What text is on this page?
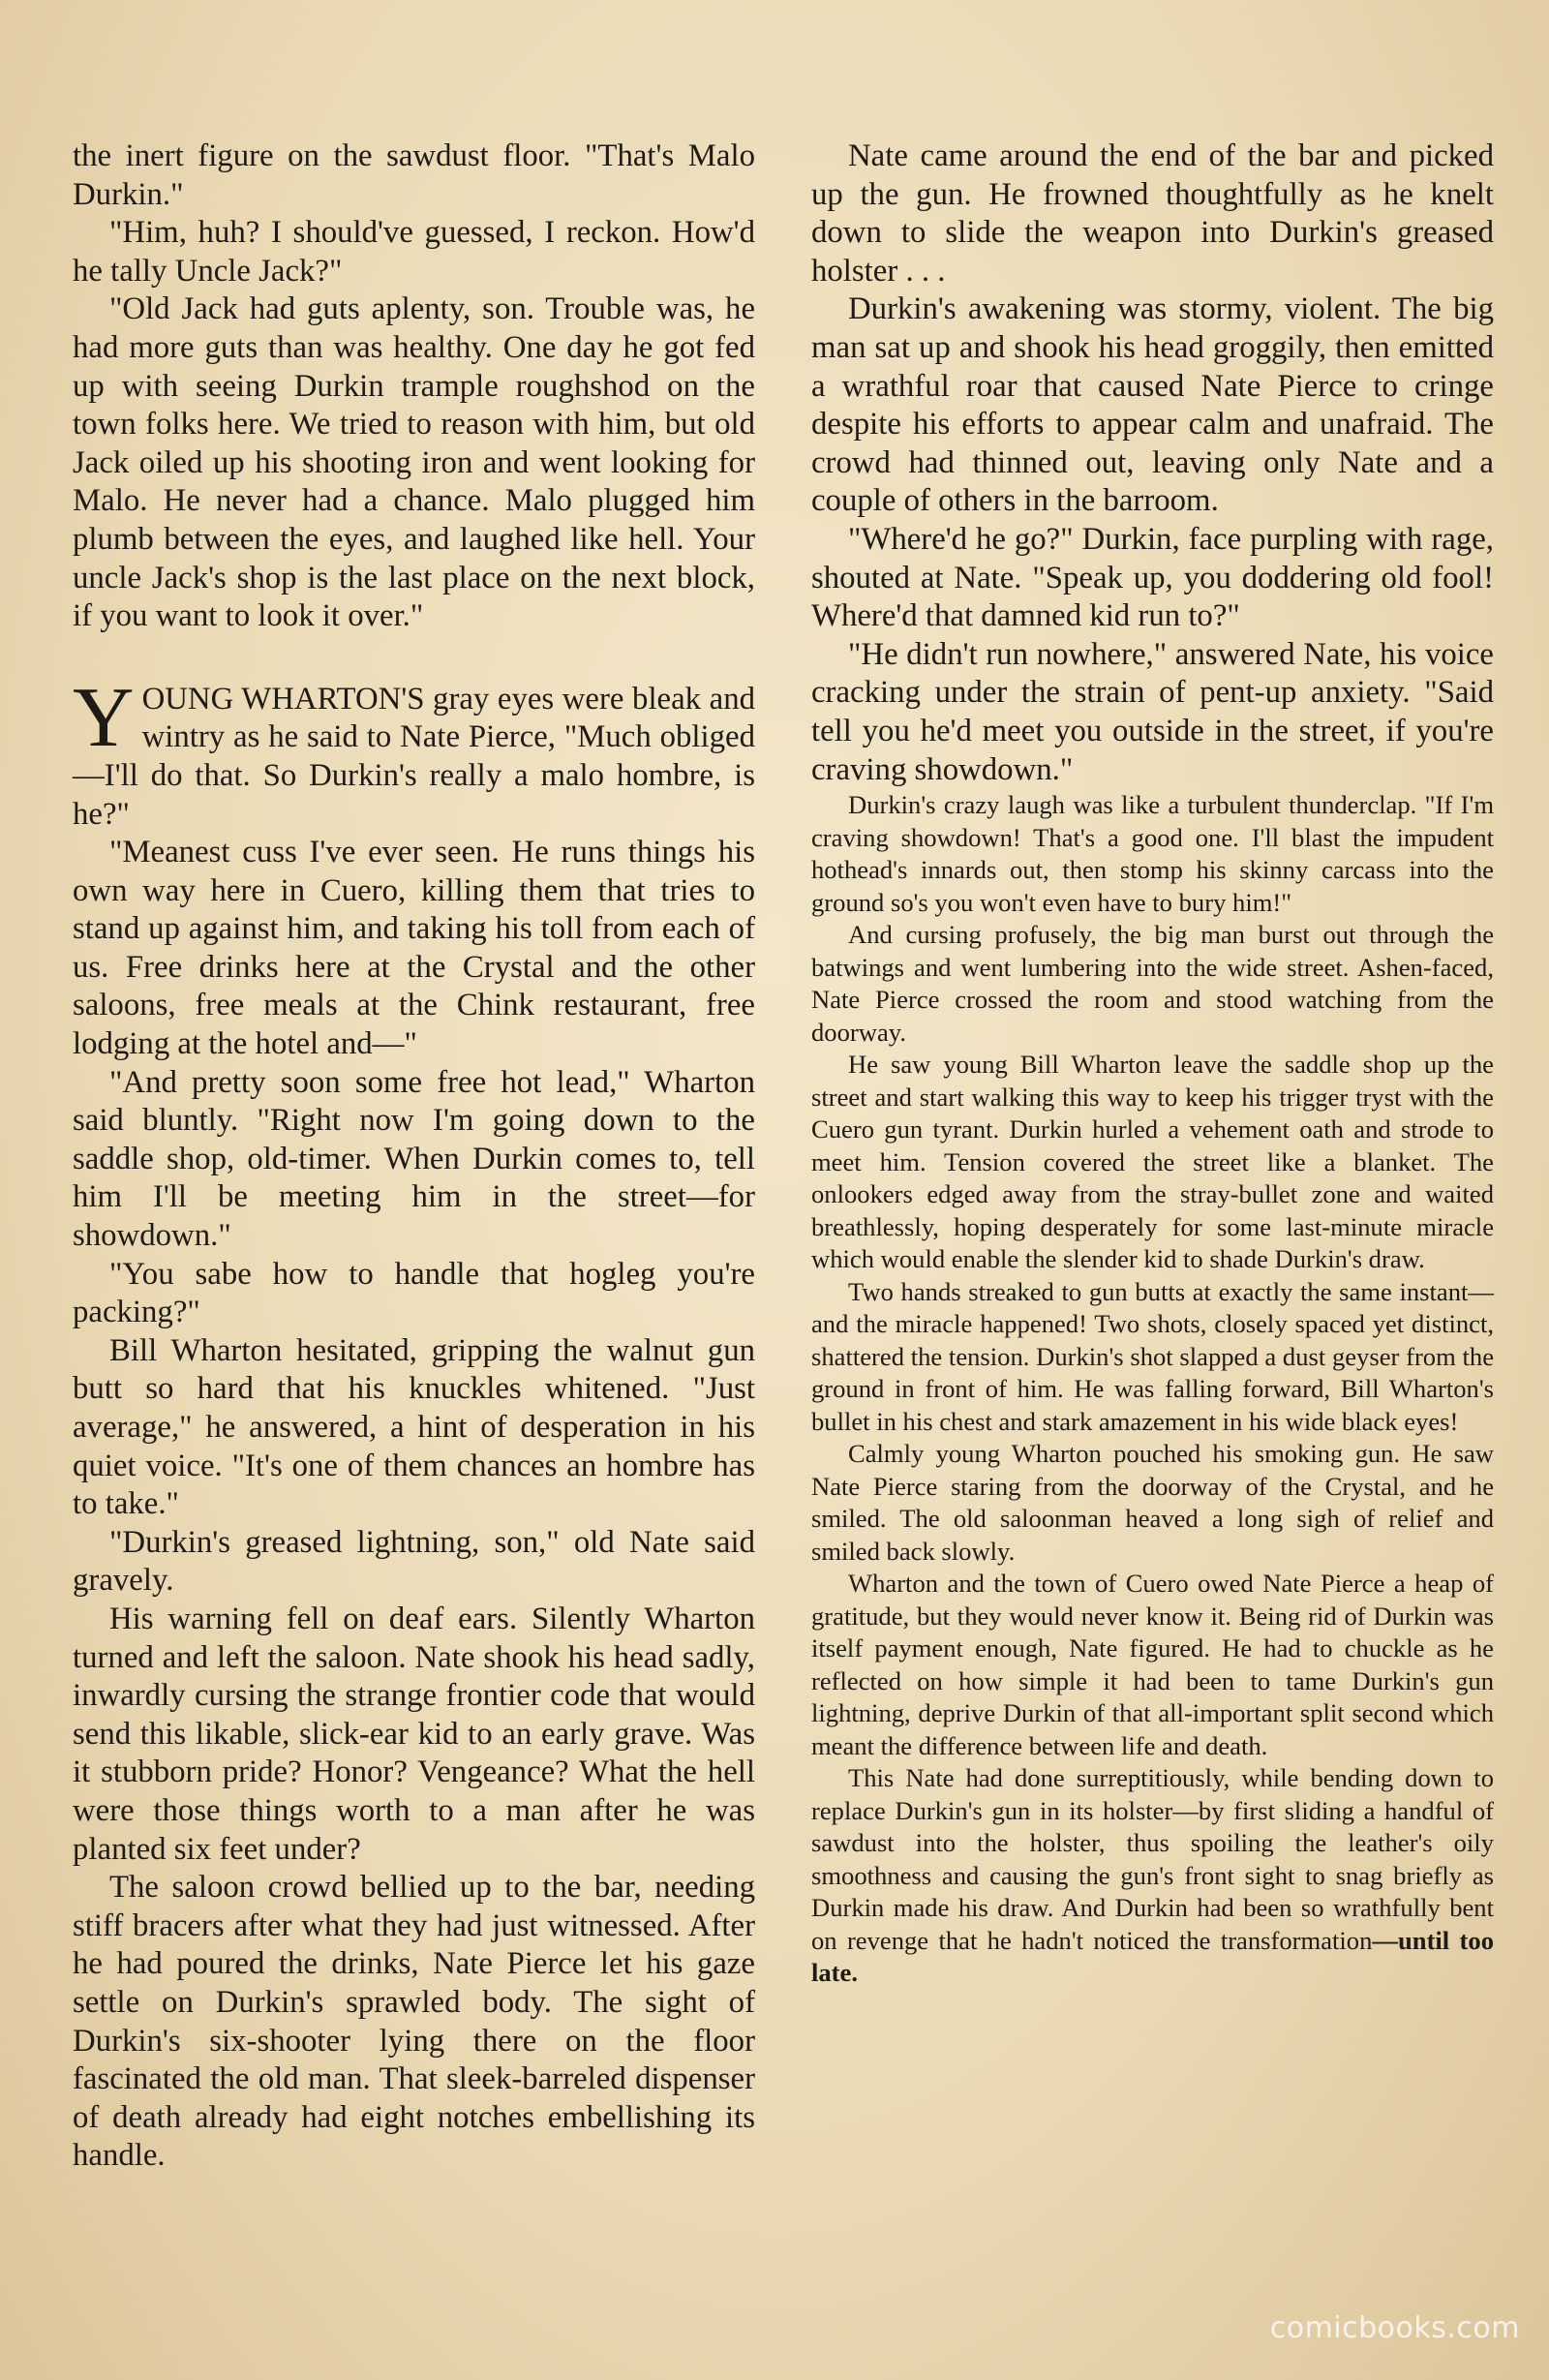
the inert figure on the sawdust floor. "That's Malo Durkin."

"Him, huh? I should've guessed, I reckon. How'd he tally Uncle Jack?"

"Old Jack had guts aplenty, son. Trouble was, he had more guts than was healthy. One day he got fed up with seeing Durkin trample roughshod on the town folks here. We tried to reason with him, but old Jack oiled up his shooting iron and went looking for Malo. He never had a chance. Malo plugged him plumb between the eyes, and laughed like hell. Your uncle Jack's shop is the last place on the next block, if you want to look it over."

YOUNG WHARTON'S gray eyes were bleak and wintry as he said to Nate Pierce, "Much obliged—I'll do that. So Durkin's really a malo hombre, is he?"

"Meanest cuss I've ever seen. He runs things his own way here in Cuero, killing them that tries to stand up against him, and taking his toll from each of us. Free drinks here at the Crystal and the other saloons, free meals at the Chink restaurant, free lodging at the hotel and—"

"And pretty soon some free hot lead," Wharton said bluntly. "Right now I'm going down to the saddle shop, old-timer. When Durkin comes to, tell him I'll be meeting him in the street—for showdown."

"You sabe how to handle that hogleg you're packing?"

Bill Wharton hesitated, gripping the walnut gun butt so hard that his knuckles whitened. "Just average," he answered, a hint of desperation in his quiet voice. "It's one of them chances an hombre has to take."

"Durkin's greased lightning, son," old Nate said gravely.

His warning fell on deaf ears. Silently Wharton turned and left the saloon. Nate shook his head sadly, inwardly cursing the strange frontier code that would send this likable, slick-ear kid to an early grave. Was it stubborn pride? Honor? Vengeance? What the hell were those things worth to a man after he was planted six feet under?

The saloon crowd bellied up to the bar, needing stiff bracers after what they had just witnessed. After he had poured the drinks, Nate Pierce let his gaze settle on Durkin's sprawled body. The sight of Durkin's six-shooter lying there on the floor fascinated the old man. That sleek-barreled dispenser of death already had eight notches embellishing its handle.

Nate came around the end of the bar and picked up the gun. He frowned thoughtfully as he knelt down to slide the weapon into Durkin's greased holster . . .

Durkin's awakening was stormy, violent. The big man sat up and shook his head groggily, then emitted a wrathful roar that caused Nate Pierce to cringe despite his efforts to appear calm and unafraid. The crowd had thinned out, leaving only Nate and a couple of others in the barroom.

"Where'd he go?" Durkin, face purpling with rage, shouted at Nate. "Speak up, you doddering old fool! Where'd that damned kid run to?"

"He didn't run nowhere," answered Nate, his voice cracking under the strain of pent-up anxiety. "Said tell you he'd meet you outside in the street, if you're craving showdown."

Durkin's crazy laugh was like a turbulent thunderclap. "If I'm craving showdown! That's a good one. I'll blast the impudent hothead's innards out, then stomp his skinny carcass into the ground so's you won't even have to bury him!"

And cursing profusely, the big man burst out through the batwings and went lumbering into the wide street. Ashen-faced, Nate Pierce crossed the room and stood watching from the doorway.

He saw young Bill Wharton leave the saddle shop up the street and start walking this way to keep his trigger tryst with the Cuero gun tyrant. Durkin hurled a vehement oath and strode to meet him. Tension covered the street like a blanket. The onlookers edged away from the stray-bullet zone and waited breathlessly, hoping desperately for some last-minute miracle which would enable the slender kid to shade Durkin's draw.

Two hands streaked to gun butts at exactly the same instant—and the miracle happened! Two shots, closely spaced yet distinct, shattered the tension. Durkin's shot slapped a dust geyser from the ground in front of him. He was falling forward, Bill Wharton's bullet in his chest and stark amazement in his wide black eyes!

Calmly young Wharton pouched his smoking gun. He saw Nate Pierce staring from the doorway of the Crystal, and he smiled. The old saloonman heaved a long sigh of relief and smiled back slowly.

Wharton and the town of Cuero owed Nate Pierce a heap of gratitude, but they would never know it. Being rid of Durkin was itself payment enough, Nate figured. He had to chuckle as he reflected on how simple it had been to tame Durkin's gun lightning, deprive Durkin of that all-important split second which meant the difference between life and death.

This Nate had done surreptitiously, while bending down to replace Durkin's gun in its holster—by first sliding a handful of sawdust into the holster, thus spoiling the leather's oily smoothness and causing the gun's front sight to snag briefly as Durkin made his draw. And Durkin had been so wrathfully bent on revenge that he hadn't noticed the transformation—until too late.

comicbooks.com
